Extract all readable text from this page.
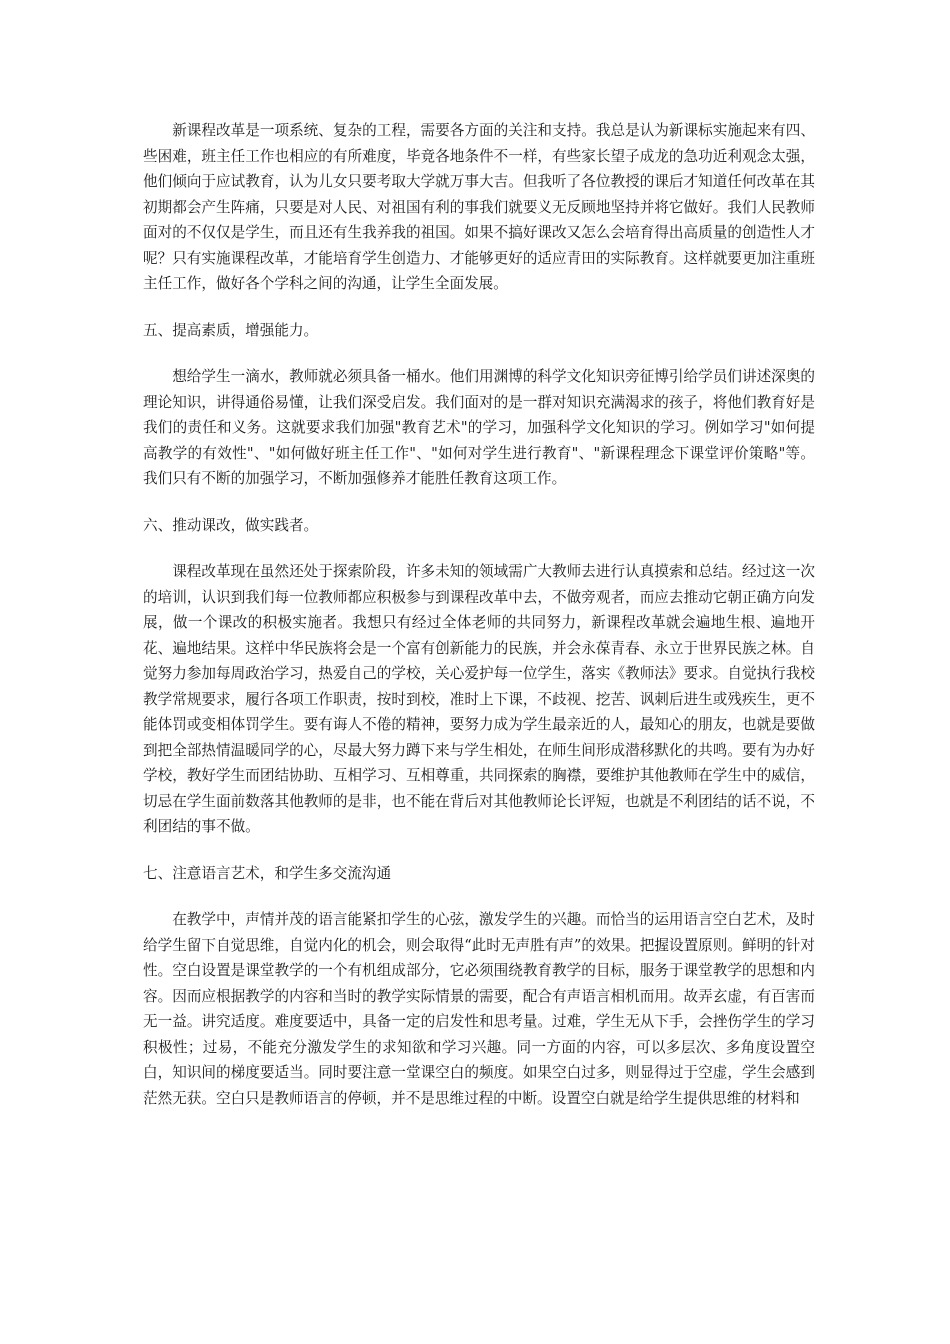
新课程改革是一项系统、复杂的工程，需要各方面的关注和支持。我总是认为新课标实施起来有四、些困难，班主任工作也相应的有所难度，毕竟各地条件不一样，有些家长望子成龙的急功近利观念太强，他们倾向于应试教育，认为儿女只要考取大学就万事大吉。但我听了各位教授的课后才知道任何改革在其初期都会产生阵痛，只要是对人民、对祖国有利的事我们就要义无反顾地坚持并将它做好。我们人民教师面对的不仅仅是学生，而且还有生我养我的祖国。如果不搞好课改又怎么会培育得出高质量的创造性人才呢？只有实施课程改革，才能培育学生创造力、才能够更好的适应青田的实际教育。这样就要更加注重班主任工作，做好各个学科之间的沟通，让学生全面发展。

五、提高素质，增强能力。

想给学生一滴水，教师就必须具备一桶水。他们用渊博的科学文化知识旁征博引给学员们讲述深奥的理论知识，讲得通俗易懂，让我们深受启发。我们面对的是一群对知识充满渴求的孩子，将他们教育好是我们的责任和义务。这就要求我们加强"教育艺术"的学习，加强科学文化知识的学习。例如学习"如何提高教学的有效性"、"如何做好班主任工作"、"如何对学生进行教育"、"新课程理念下课堂评价策略"等。我们只有不断的加强学习，不断加强修养才能胜任教育这项工作。

六、推动课改，做实践者。

课程改革现在虽然还处于探索阶段，许多未知的领域需广大教师去进行认真摸索和总结。经过这一次的培训，认识到我们每一位教师都应积极参与到课程改革中去，不做旁观者，而应去推动它朝正确方向发展，做一个课改的积极实施者。我想只有经过全体老师的共同努力，新课程改革就会遍地生根、遍地开花、遍地结果。这样中华民族将会是一个富有创新能力的民族，并会永葆青春、永立于世界民族之林。自觉努力参加每周政治学习，热爱自己的学校，关心爱护每一位学生，落实《教师法》要求。自觉执行我校教学常规要求，履行各项工作职责，按时到校，准时上下课，不歧视、挖苦、讽刺后进生或残疾生，更不能体罚或变相体罚学生。要有诲人不倦的精神，要努力成为学生最亲近的人，最知心的朋友，也就是要做到把全部热情温暖同学的心，尽最大努力蹲下来与学生相处，在师生间形成潜移默化的共鸣。要有为办好学校，教好学生而团结协助、互相学习、互相尊重，共同探索的胸襟，要维护其他教师在学生中的威信，切忌在学生面前数落其他教师的是非，也不能在背后对其他教师论长评短，也就是不利团结的话不说，不利团结的事不做。

七、注意语言艺术，和学生多交流沟通

在教学中，声情并茂的语言能紧扣学生的心弦，激发学生的兴趣。而恰当的运用语言空白艺术，及时给学生留下自觉思维，自觉内化的机会，则会取得“此时无声胜有声”的效果。把握设置原则。鲜明的针对性。空白设置是课堂教学的一个有机组成部分，它必须围绕教育教学的目标，服务于课堂教学的思想和内容。因而应根据教学的内容和当时的教学实际情景的需要，配合有声语言相机而用。故弄玄虚，有百害而无一益。讲究适度。难度要适中，具备一定的启发性和思考量。过难，学生无从下手，会挫伤学生的学习积极性；过易，不能充分激发学生的求知欲和学习兴趣。同一方面的内容，可以多层次、多角度设置空白，知识间的梯度要适当。同时要注意一堂课空白的频度。如果空白过多，则显得过于空虚，学生会感到茫然无获。空白只是教师语言的停顿，并不是思维过程的中断。设置空白就是给学生提供思维的材料和
